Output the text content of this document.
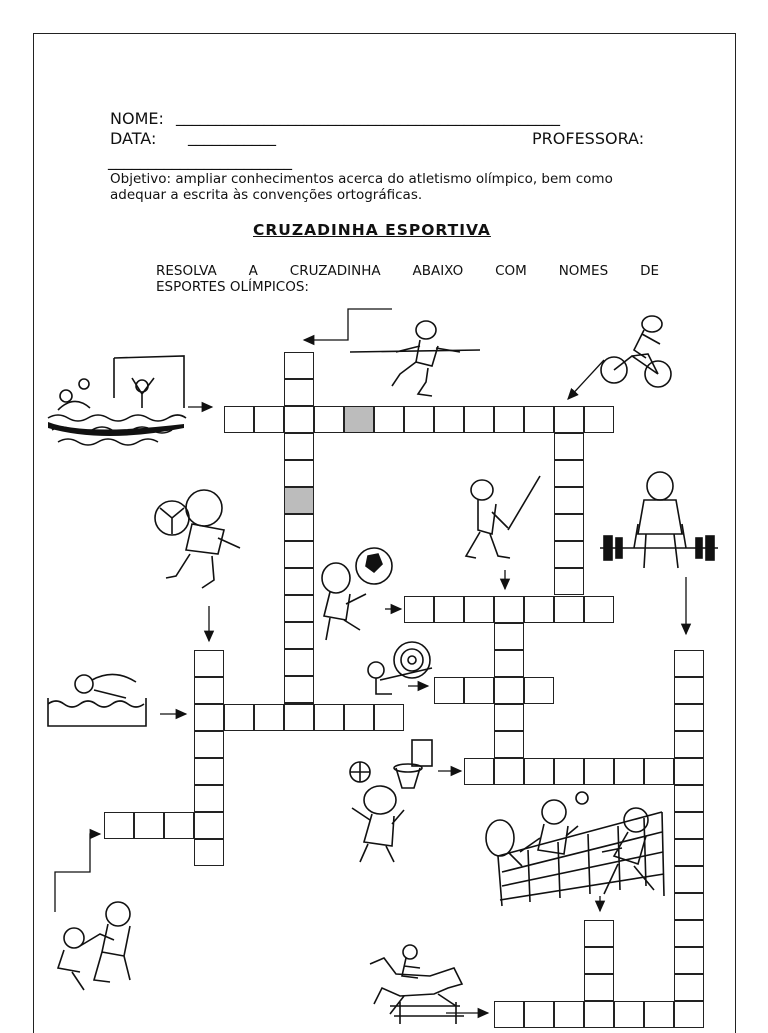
NOME: ________________________________________________
DATA: ___________	PROFESSORA:
_______________________
Objetivo: ampliar conhecimentos acerca do atletismo olímpico, bem como
adequar a escrita às convenções ortográficas.
CRUZADINHA ESPORTIVA
RESOLVA A CRUZADINHA ABAIXO COM NOMES DE
ESPORTES OLÍMPICOS:
